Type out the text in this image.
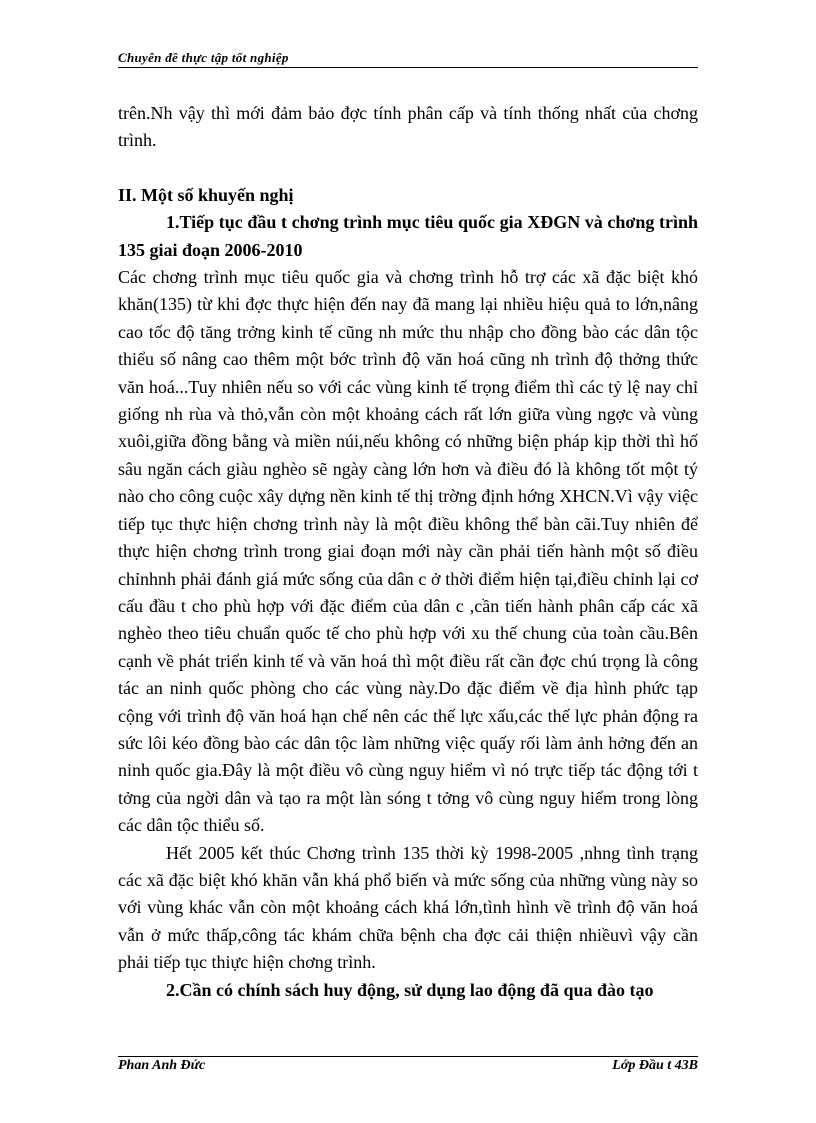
Chuyên đề thực tập tốt nghiệp

trên.Nh vậy thì mới đảm bảo đợc tính phân cấp và tính thống nhất của chơng trình.

II. Một số khuyến nghị

1.Tiếp tục đầu t chơng trình mục tiêu quốc gia XĐGN và chơng trình 135 giai đoạn 2006-2010

Các chơng trình mục tiêu quốc gia và chơng trình hỗ trợ các xã đặc biệt khó khăn(135) từ khi đợc thực hiện đến nay đã mang lại nhiều hiệu quả to lớn,nâng cao tốc độ tăng trởng kinh tế cũng nh mức thu nhập cho đồng bào các dân tộc thiểu số nâng cao thêm một bớc trình độ văn hoá cũng nh trình độ thởng thức văn hoá...Tuy nhiên nếu so với các vùng kinh tế trọng điểm thì các tỷ lệ nay chỉ giống nh rùa và thỏ,vẫn còn một khoảng cách rất lớn giữa vùng ngợc và vùng xuôi,giữa đồng bằng và miền núi,nếu không có những biện pháp kịp thời thì hố sâu ngăn cách giàu nghèo sẽ ngày càng lớn hơn và điều đó là không tốt một tý nào cho công cuộc xây dựng nền kinh tế thị trờng định hớng XHCN.Vì vậy việc tiếp tục thực hiện chơng trình này là một điều không thể bàn cãi.Tuy nhiên để thực hiện chơng trình trong giai đoạn mới này cần phải tiến hành một số điều chỉnhnh phải đánh giá mức sống của dân c ở thời điểm hiện tại,điều chỉnh lại cơ cấu đầu t cho phù hợp với đặc điểm của dân c ,cần tiến hành phân cấp các xã nghèo theo tiêu chuẩn quốc tế cho phù hợp với xu thế chung của toàn cầu.Bên cạnh về phát triển kinh tế và văn hoá thì một điều rất cần đợc chú trọng là công tác an ninh quốc phòng cho các vùng này.Do đặc điểm về địa hình phức tạp cộng với trình độ văn hoá hạn chế nên các thế lực xấu,các thế lực phản động ra sức lôi kéo đồng bào các dân tộc làm những việc quấy rối làm ảnh hởng đến an ninh quốc gia.Đây là một điều vô cùng nguy hiểm vì nó trực tiếp tác động tới t tởng của ngời dân và tạo ra một làn sóng t tởng vô cùng nguy hiểm trong lòng các dân tộc thiểu số.

Hết 2005 kết thúc Chơng trình 135 thời kỳ 1998-2005 ,nhng tình trạng các xã đặc biệt khó khăn vẫn khá phổ biến và mức sống của những vùng này so với vùng khác vẫn còn một khoảng cách khá lớn,tình hình về trình độ văn hoá vẫn ở mức thấp,công tác khám chữa bệnh cha đợc cải thiện nhiềuvì vậy cần phải tiếp tục thiực hiện chơng trình.

2.Cần có chính sách huy động, sử dụng lao động đã qua đào tạo

Phan Anh Đức	Lớp Đầu t 43B
